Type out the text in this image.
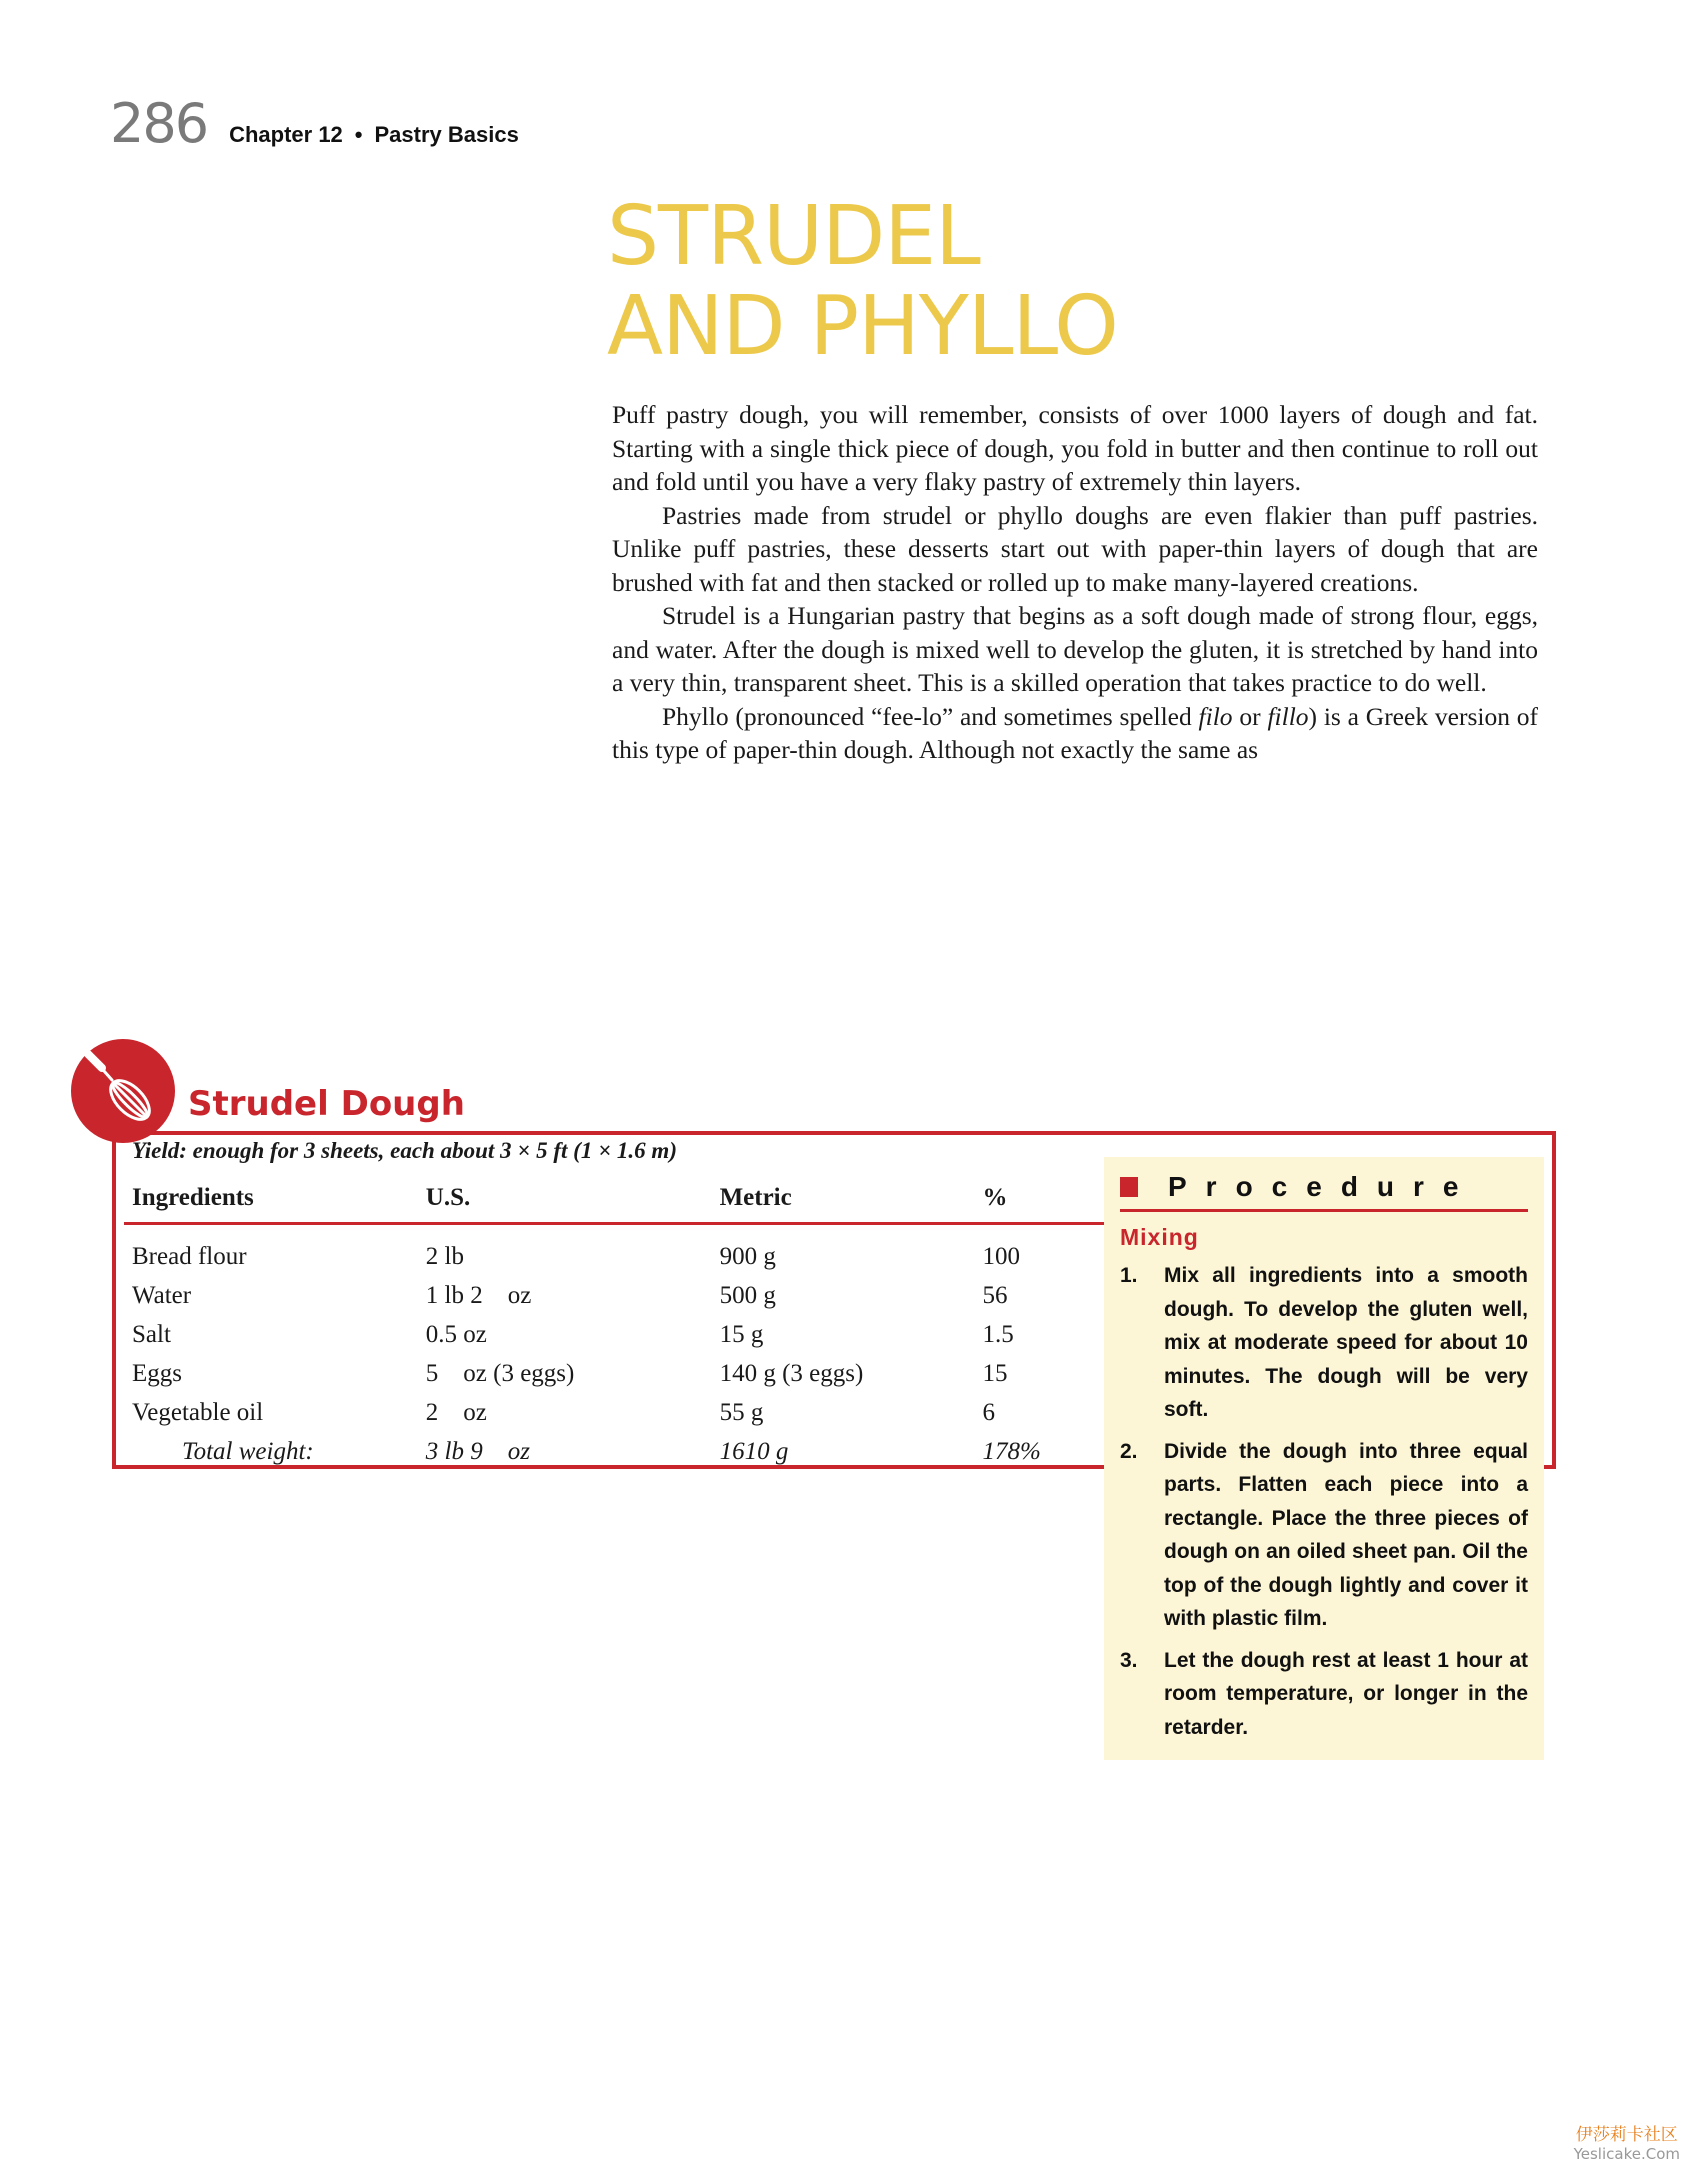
286 Chapter 12 • Pastry Basics
STRUDEL
AND PHYLLO

Puff pastry dough, you will remember, consists of over 1000 layers of dough and fat. Starting with a single thick piece of dough, you fold in butter and then continue to roll out and fold until you have a very flaky pastry of extremely thin layers.

Pastries made from strudel or phyllo doughs are even flakier than puff pastries. Unlike puff pastries, these desserts start out with paper-thin layers of dough that are brushed with fat and then stacked or rolled up to make many-layered creations.

Strudel is a Hungarian pastry that begins as a soft dough made of strong flour, eggs, and water. After the dough is mixed well to develop the gluten, it is stretched by hand into a very thin, transparent sheet. This is a skilled operation that takes practice to do well.

Phyllo (pronounced “fee-lo” and sometimes spelled filo or fillo) is a Greek version of this type of paper-thin dough. Although not exactly the same as

Strudel Dough
Yield: enough for 3 sheets, each about 3 × 5 ft (1 × 1.6 m)
Ingredients	U.S.	Metric	%
Bread flour	2 lb	900 g	100
Water	1 lb 2    oz	500 g	56
Salt	0.5 oz	15 g	1.5
Eggs	5    oz (3 eggs)	140 g (3 eggs)	15
Vegetable oil	2    oz	55 g	6
Total weight:	3 lb 9    oz	1610 g	178%
Procedure
Mixing
1.	Mix all ingredients into a smooth dough. To develop the gluten well, mix at moderate speed for about 10 minutes. The dough will be very soft.
2.	Divide the dough into three equal parts. Flatten each piece into a rectangle. Place the three pieces of dough on an oiled sheet pan. Oil the top of the dough lightly and cover it with plastic film.
3.	Let the dough rest at least 1 hour at room temperature, or longer in the retarder.
伊莎莉卡社区
Yeslicake.Com
